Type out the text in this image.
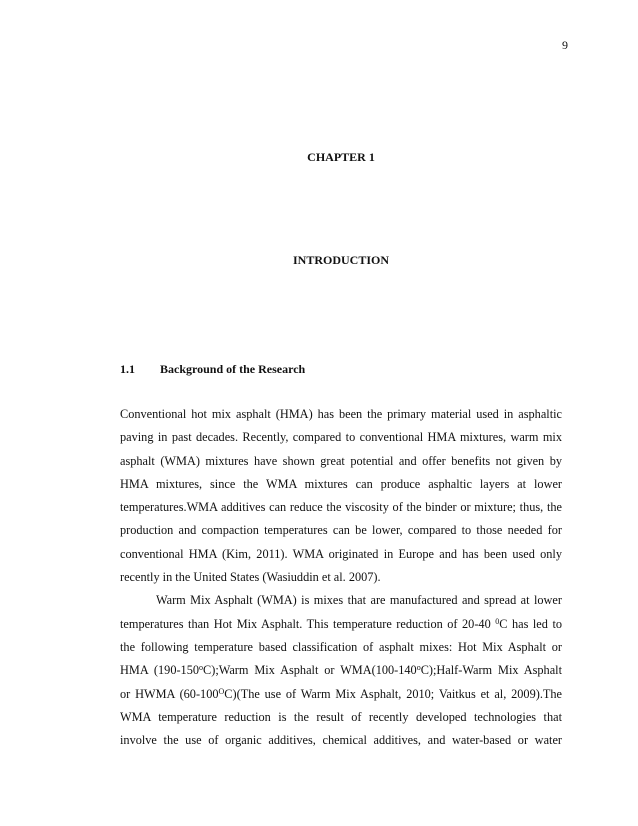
9
CHAPTER 1
INTRODUCTION
1.1 Background of the Research
Conventional hot mix asphalt (HMA) has been the primary material used in asphaltic
paving in past decades. Recently, compared to conventional HMA mixtures, warm mix
asphalt (WMA) mixtures have shown great potential and offer benefits not given by
HMA mixtures, since the WMA mixtures can produce asphaltic layers at lower
temperatures.WMA additives can reduce the viscosity of the binder or mixture; thus, the
production and compaction temperatures can be lower, compared to those needed for
conventional HMA (Kim, 2011). WMA originated in Europe and has been used only
recently in the United States (Wasiuddin et al. 2007).
Warm Mix Asphalt (WMA) is mixes that are manufactured and spread at lower
temperatures than Hot Mix Asphalt. This temperature reduction of 20-40 $^0$C has led to
the following temperature based classification of asphalt mixes: Hot Mix Asphalt or
HMA (190-150$^o$C);Warm Mix Asphalt or WMA(100-140$^o$C);Half-Warm Mix Asphalt
or HWMA $(60-100^OC)(The$ use of Warm Mix Asphalt, 2010; Vaitkus et al, 2009).The
WMA temperature reduction is the result of recently developed technologies that
involve the use of organic additives, chemical additives, and water-based or water
